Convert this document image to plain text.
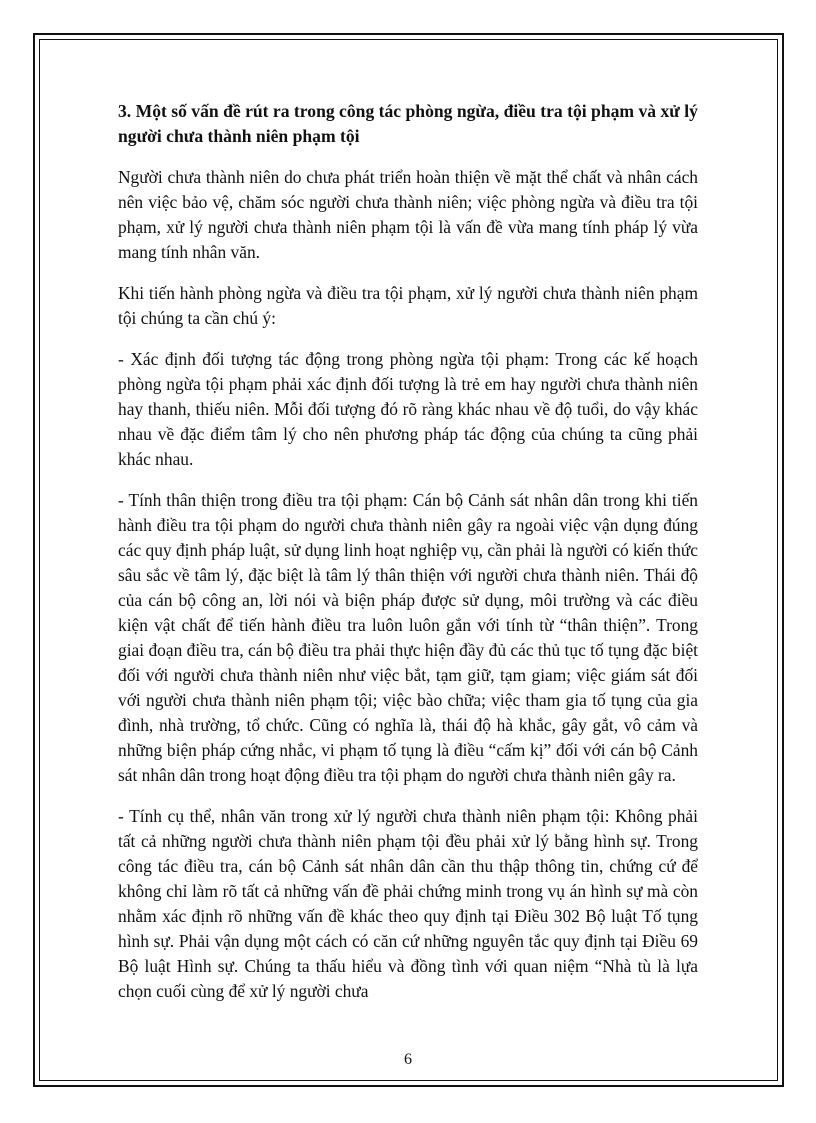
3. Một số vấn đề rút ra trong công tác phòng ngừa, điều tra tội phạm và xử lý người chưa thành niên phạm tội

Người chưa thành niên do chưa phát triển hoàn thiện về mặt thể chất và nhân cách nên việc bảo vệ, chăm sóc người chưa thành niên; việc phòng ngừa và điều tra tội phạm, xử lý người chưa thành niên phạm tội là vấn đề vừa mang tính pháp lý vừa mang tính nhân văn.

Khi tiến hành phòng ngừa và điều tra tội phạm, xử lý người chưa thành niên phạm tội chúng ta cần chú ý:

- Xác định đối tượng tác động trong phòng ngừa tội phạm: Trong các kế hoạch phòng ngừa tội phạm phải xác định đối tượng là trẻ em hay người chưa thành niên hay thanh, thiếu niên. Mỗi đối tượng đó rõ ràng khác nhau về độ tuổi, do vậy khác nhau về đặc điểm tâm lý cho nên phương pháp tác động của chúng ta cũng phải khác nhau.

- Tính thân thiện trong điều tra tội phạm: Cán bộ Cảnh sát nhân dân trong khi tiến hành điều tra tội phạm do người chưa thành niên gây ra ngoài việc vận dụng đúng các quy định pháp luật, sử dụng linh hoạt nghiệp vụ, cần phải là người có kiến thức sâu sắc về tâm lý, đặc biệt là tâm lý thân thiện với người chưa thành niên. Thái độ của cán bộ công an, lời nói và biện pháp được sử dụng, môi trường và các điều kiện vật chất để tiến hành điều tra luôn luôn gắn với tính từ “thân thiện”. Trong giai đoạn điều tra, cán bộ điều tra phải thực hiện đầy đủ các thủ tục tố tụng đặc biệt đối với người chưa thành niên như việc bắt, tạm giữ, tạm giam; việc giám sát đối với người chưa thành niên phạm tội; việc bào chữa; việc tham gia tố tụng của gia đình, nhà trường, tổ chức. Cũng có nghĩa là, thái độ hà khắc, gây gắt, vô cảm và những biện pháp cứng nhắc, vi phạm tố tụng là điều “cấm kị” đối với cán bộ Cảnh sát nhân dân trong hoạt động điều tra tội phạm do người chưa thành niên gây ra.

- Tính cụ thể, nhân văn trong xử lý người chưa thành niên phạm tội: Không phải tất cả những người chưa thành niên phạm tội đều phải xử lý bằng hình sự. Trong công tác điều tra, cán bộ Cảnh sát nhân dân cần thu thập thông tin, chứng cứ để không chỉ làm rõ tất cả những vấn đề phải chứng minh trong vụ án hình sự mà còn nhằm xác định rõ những vấn đề khác theo quy định tại Điều 302 Bộ luật Tố tụng hình sự. Phải vận dụng một cách có căn cứ những nguyên tắc quy định tại Điều 69 Bộ luật Hình sự. Chúng ta thấu hiểu và đồng tình với quan niệm “Nhà tù là lựa chọn cuối cùng để xử lý người chưa

6
